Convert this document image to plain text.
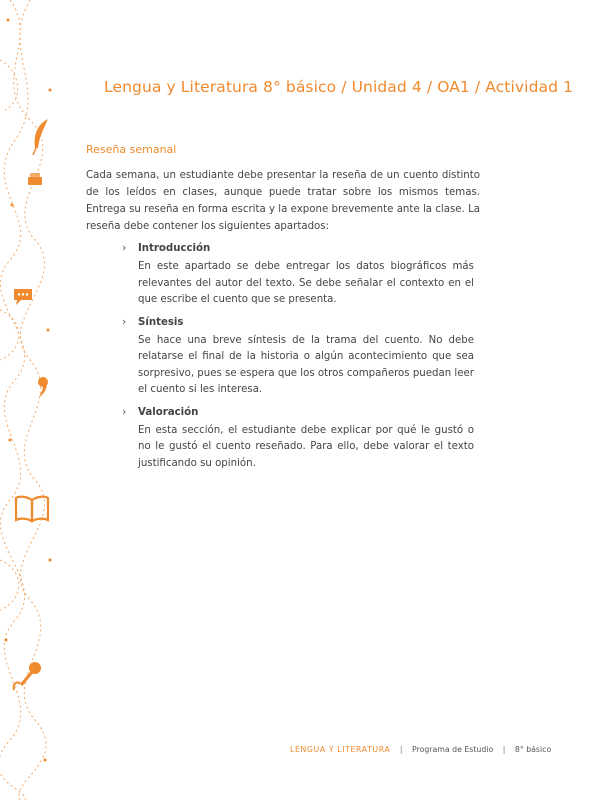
Lengua y Literatura 8° básico / Unidad 4 / OA1 / Actividad 1
Reseña semanal
Cada semana, un estudiante debe presentar la reseña de un cuento distinto de los leídos en clases, aunque puede tratar sobre los mismos temas. Entrega su reseña en forma escrita y la expone brevemente ante la clase. La reseña debe contener los siguientes apartados:
› Introducción
En este apartado se debe entregar los datos biográficos más relevantes del autor del texto. Se debe señalar el contexto en el que escribe el cuento que se presenta.
› Síntesis
Se hace una breve síntesis de la trama del cuento. No debe relatarse el final de la historia o algún acontecimiento que sea sorpresivo, pues se espera que los otros compañeros puedan leer el cuento si les interesa.
› Valoración
En esta sección, el estudiante debe explicar por qué le gustó o no le gustó el cuento reseñado. Para ello, debe valorar el texto justificando su opinión.
LENGUA Y LITERATURA | Programa de Estudio | 8° básico
